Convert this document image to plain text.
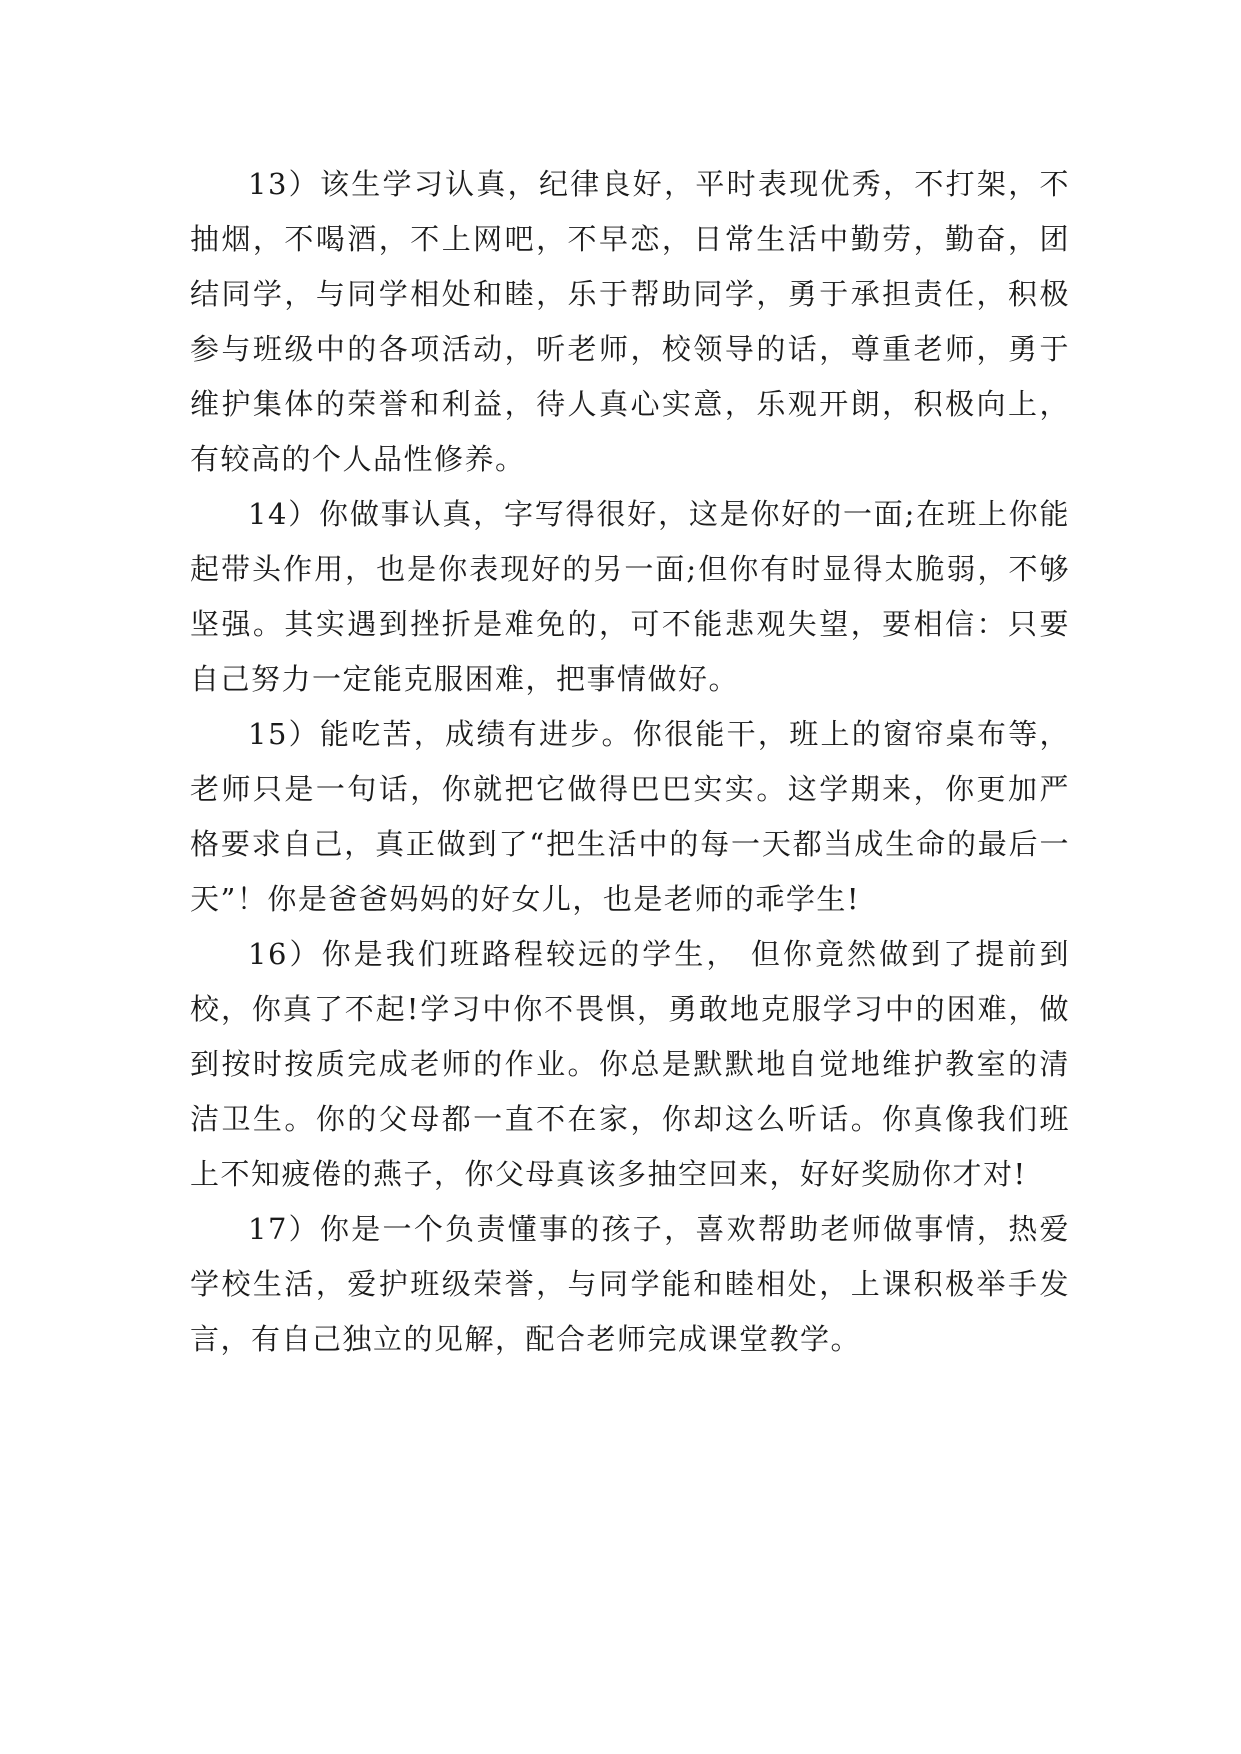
13）该生学习认真，纪律良好，平时表现优秀，不打架，不抽烟，不喝酒，不上网吧，不早恋，日常生活中勤劳，勤奋，团结同学，与同学相处和睦，乐于帮助同学，勇于承担责任，积极参与班级中的各项活动，听老师，校领导的话，尊重老师，勇于维护集体的荣誉和利益，待人真心实意，乐观开朗，积极向上，有较高的个人品性修养。

14）你做事认真，字写得很好，这是你好的一面;在班上你能起带头作用，也是你表现好的另一面;但你有时显得太脆弱，不够坚强。其实遇到挫折是难免的，可不能悲观失望，要相信：只要自己努力一定能克服困难，把事情做好。

15）能吃苦，成绩有进步。你很能干，班上的窗帘桌布等，老师只是一句话，你就把它做得巴巴实实。这学期来，你更加严格要求自己，真正做到了“把生活中的每一天都当成生命的最后一天”！你是爸爸妈妈的好女儿，也是老师的乖学生!

16）你是我们班路程较远的学生， 但你竟然做到了提前到校，你真了不起!学习中你不畏惧，勇敢地克服学习中的困难，做到按时按质完成老师的作业。你总是默默地自觉地维护教室的清洁卫生。你的父母都一直不在家，你却这么听话。你真像我们班上不知疲倦的燕子，你父母真该多抽空回来，好好奖励你才对!

17）你是一个负责懂事的孩子，喜欢帮助老师做事情，热爱学校生活，爱护班级荣誉，与同学能和睦相处，上课积极举手发言，有自己独立的见解，配合老师完成课堂教学。
